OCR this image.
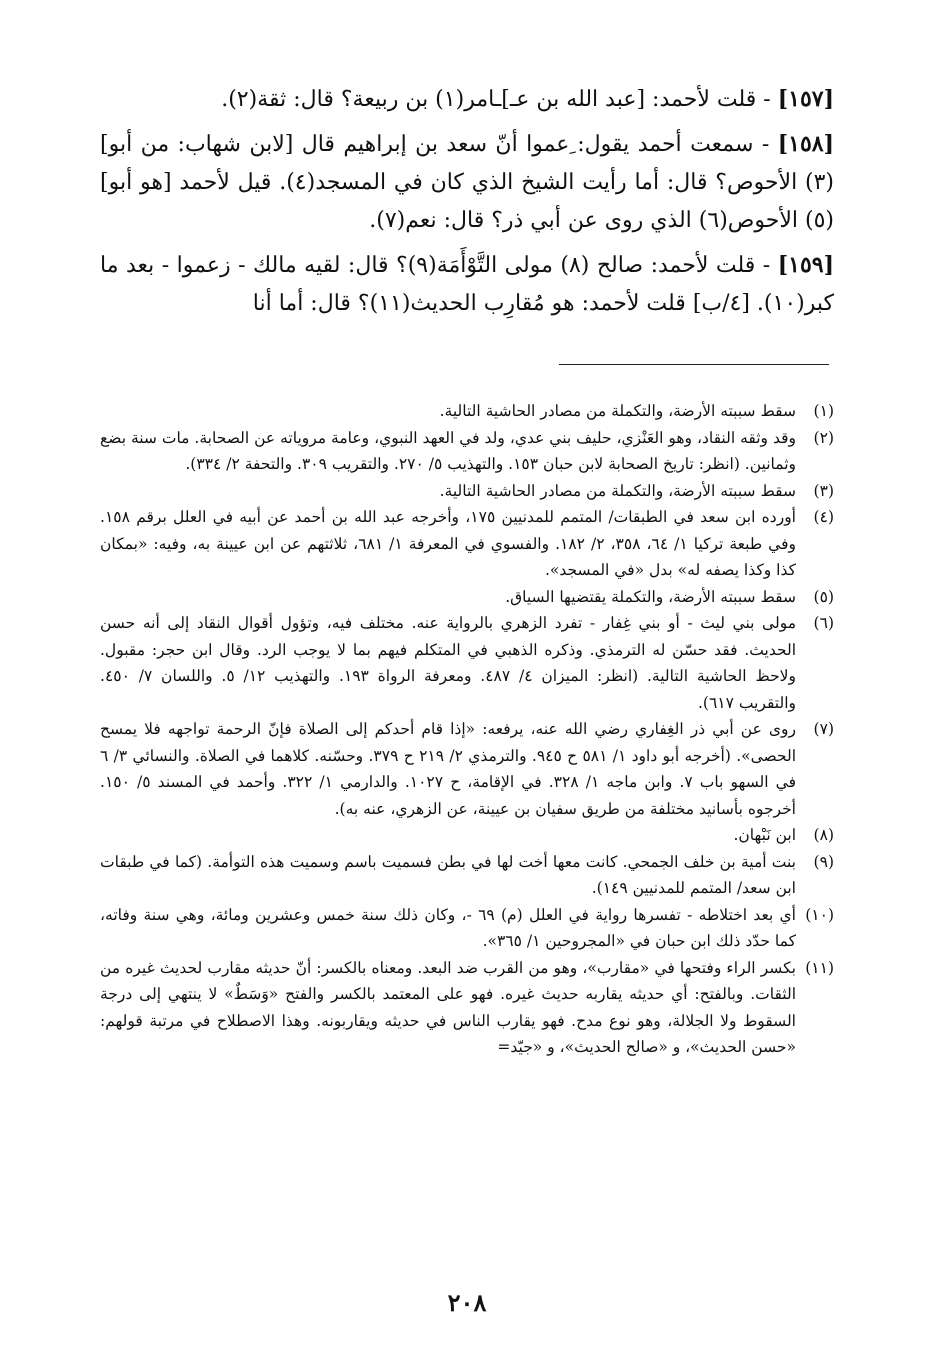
[١٥٧] - قلت لأحمد: [عبد الله بن عـ]ـامر(١) بن ربيعة؟ قال: ثقة(٢).

[١٥٨] - سمعت أحمد يقول: ِعموا أنّ سعد بن إبراهيم قال [لابن شهاب: من أبو](٣) الأحوص؟ قال: أما رأيت الشيخ الذي كان في المسجد(٤). قيل لأحمد [هو أبو](٥) الأحوص(٦) الذي روى عن أبي ذر؟ قال: نعم(٧).

[١٥٩] - قلت لأحمد: صالح (٨) مولى التَّوْأَمَة(٩)؟ قال: لقيه مالك - زعموا - بعد ما كبر(١٠). [٤/ب] قلت لأحمد: هو مُقارِب الحديث(١١)؟ قال: أما أنا

(١)
سقط سببته الأرضة، والتكملة من مصادر الحاشية التالية.
(٢)
وقد وثقه النقاد، وهو العَنْزي، حليف بني عدي، ولد في العهد النبوي، وعامة مروياته عن الصحابة. مات سنة بضع وثمانين. (انظر: تاريخ الصحابة لابن حبان ١٥٣. والتهذيب ٥/ ٢٧٠. والتقريب ٣٠٩. والتحفة ٢/ ٣٣٤).
(٣)
سقط سببته الأرضة، والتكملة من مصادر الحاشية التالية.
(٤)
أورده ابن سعد في الطبقات/ المتمم للمدنيين ١٧٥، وأخرجه عبد الله بن أحمد عن أبيه في العلل برقم ١٥٨. وفي طبعة تركيا ١/ ٦٤، ٣٥٨، ٢/ ١٨٢. والفسوي في المعرفة ١/ ٦٨١، ثلاثتهم عن ابن عيينة به، وفيه: «بمكان كذا وكذا يصفه له» بدل «في المسجد».
(٥)
سقط سببته الأرضة، والتكملة يقتضيها السياق.
(٦)
مولى بني ليث - أو بني غِفار - تفرد الزهري بالرواية عنه. مختلف فيه، وتؤول أقوال النقاد إلى أنه حسن الحديث. فقد حسّن له الترمذي. وذكره الذهبي في المتكلم فيهم بما لا يوجب الرد. وقال ابن حجر: مقبول. ولاحظ الحاشية التالية. (انظر: الميزان ٤/ ٤٨٧. ومعرفة الرواة ١٩٣. والتهذيب ١٢/ ٥. واللسان ٧/ ٤٥٠. والتقريب ٦١٧).
(٧)
روى عن أبي ذر الغِفاري رضي الله عنه، يرفعه: «إذا قام أحدكم إلى الصلاة فإنّ الرحمة تواجهه فلا يمسح الحصى». (أخرجه أبو داود ١/ ٥٨١ ح ٩٤٥. والترمذي ٢/ ٢١٩ ح ٣٧٩. وحسّنه. كلاهما في الصلاة. والنسائي ٣/ ٦ في السهو باب ٧. وابن ماجه ١/ ٣٢٨. في الإقامة، ح ١٠٢٧. والدارمي ١/ ٣٢٢. وأحمد في المسند ٥/ ١٥٠. أخرجوه بأسانيد مختلفة من طريق سفيان بن عيينة، عن الزهري، عنه به).
(٨)
ابن نَبْهان.
(٩)
بنت أمية بن خلف الجمحي. كانت معها أخت لها في بطن فسميت باسم وسميت هذه التوأمة. (كما في طبقات ابن سعد/ المتمم للمدنيين ١٤٩).
(١٠)
أي بعد اختلاطه - تفسرها رواية في العلل (م) ٦٩ -، وكان ذلك سنة خمس وعشرين ومائة، وهي سنة وفاته، كما حدّد ذلك ابن حبان في «المجروحين ١/ ٣٦٥».
(١١)
بكسر الراء وفتحها في «مقارب»، وهو من القرب ضد البعد. ومعناه بالكسر: أنّ حديثه مقارب لحديث غيره من الثقات. وبالفتح: أي حديثه يقاربه حديث غيره. فهو على المعتمد بالكسر والفتح «وَسَطٌ» لا ينتهي إلى درجة السقوط ولا الجلالة، وهو نوع مدح. فهو يقارب الناس في حديثه ويقاربونه. وهذا الاصطلاح في مرتبة قولهم: «حسن الحديث»، و «صالح الحديث»، و «جيّد=
٢٠٨
